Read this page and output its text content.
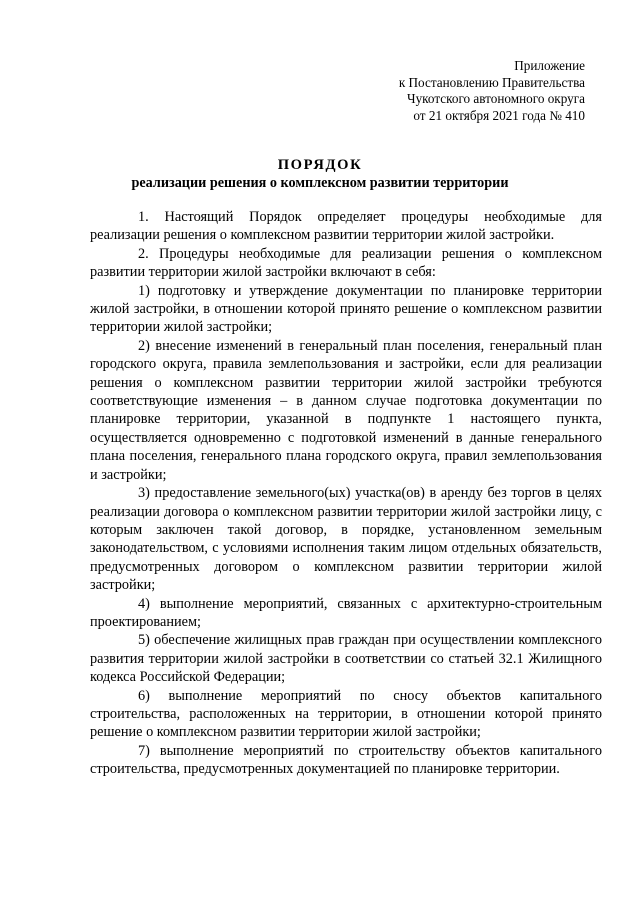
Приложение
к Постановлению Правительства
Чукотского автономного округа
от 21 октября 2021 года № 410
ПОРЯДОК
реализации решения о комплексном развитии территории

1. Настоящий Порядок определяет процедуры необходимые для реализации решения о комплексном развитии территории жилой застройки.

2. Процедуры необходимые для реализации решения о комплексном развитии территории жилой застройки включают в себя:

1) подготовку и утверждение документации по планировке территории жилой застройки, в отношении которой принято решение о комплексном развитии территории жилой застройки;

2) внесение изменений в генеральный план поселения, генеральный план городского округа, правила землепользования и застройки, если для реализации решения о комплексном развитии территории жилой застройки требуются соответствующие изменения – в данном случае подготовка документации по планировке территории, указанной в подпункте 1 настоящего пункта, осуществляется одновременно с подготовкой изменений в данные генерального плана поселения, генерального плана городского округа, правил землепользования и застройки;

3) предоставление земельного(ых) участка(ов) в аренду без торгов в целях реализации договора о комплексном развитии территории жилой застройки лицу, с которым заключен такой договор, в порядке, установленном земельным законодательством, с условиями исполнения таким лицом отдельных обязательств, предусмотренных договором о комплексном развитии территории жилой застройки;

4) выполнение мероприятий, связанных с архитектурно-строительным проектированием;

5) обеспечение жилищных прав граждан при осуществлении комплексного развития территории жилой застройки в соответствии со статьей 32.1 Жилищного кодекса Российской Федерации;

6) выполнение мероприятий по сносу объектов капитального строительства, расположенных на территории, в отношении которой принято решение о комплексном развитии территории жилой застройки;

7) выполнение мероприятий по строительству объектов капитального строительства, предусмотренных документацией по планировке территории.
